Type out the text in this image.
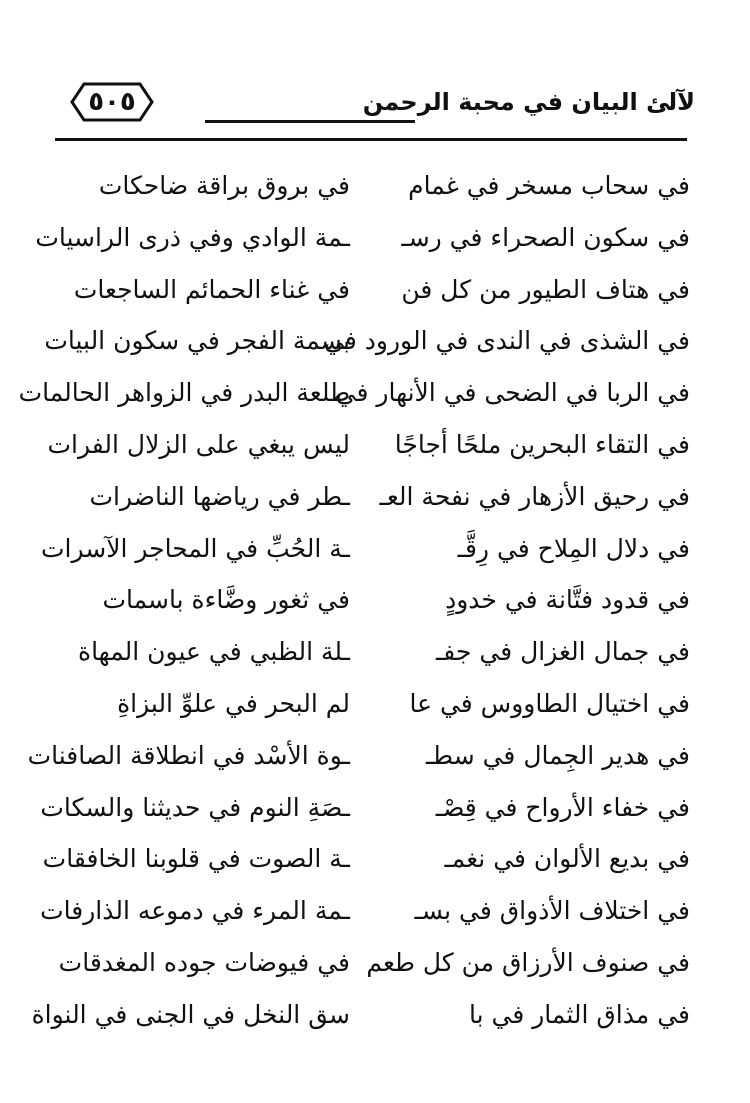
٥٠٥	لآلئ البيان في محبة الرحمن
في سحاب مسخر في غمام
في بروق براقة ضاحكات
في سكون الصحراء في رسـ
ـمة الوادي وفي ذرى الراسيات
في هتاف الطيور من كل فن
في غناء الحمائم الساجعات
في الشذى في الندى في الورود في
بسمة الفجر في سكون البيات
في الربا في الضحى في الأنهار في
طلعة البدر في الزواهر الحالمات
في التقاء البحرين ملحًا أجاجًا
ليس يبغي على الزلال الفرات
في رحيق الأزهار في نفحة العـ
ـطر في رياضها الناضرات
في دلال المِلاح في رِقَّـ
ـة الحُبِّ في المحاجر الآسرات
في قدود فتَّانة في خدودٍ
في ثغور وضَّاءة باسمات
في جمال الغزال في جفـ
ـلة الظبي في عيون المهاة
في اختيال الطاووس في عا
لم البحر في علوِّ البزاةِ
في هدير الجِمال في سطـ
ـوة الأسْد في انطلاقة الصافنات
في خفاء الأرواح في قِصْـ
ـصَةِ النوم في حديثنا والسكات
في بديع الألوان في نغمـ
ـة الصوت في قلوبنا الخافقات
في اختلاف الأذواق في بسـ
ـمة المرء في دموعه الذارفات
في صنوف الأرزاق من كل طعم
في فيوضات جوده المغدقات
في مذاق الثمار في با
سق النخل في الجنى في النواة
